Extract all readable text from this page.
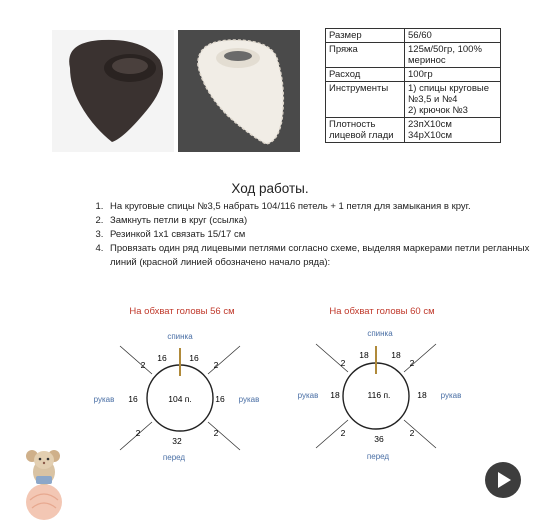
Размер	56/60
Пряжа	125м/50гр, 100% меринос
Расход	100гр
Инструменты	1) спицы круговые №3,5 и №4
2) крючок №3
Плотность лицевой глади	23пХ10см
34рХ10см
Ход работы.
1. На круговые спицы №3,5 набрать 104/116 петель + 1 петля для замыкания в круг.
2. Замкнуть петли в круг (ссылка)
3. Резинкой 1х1 связать 15/17 см
4. Провязать один ряд лицевыми петлями согласно схеме, выделяя маркерами петли регланных линий (красной линией обозначено начало ряда):
На обхват головы 56 см
спинка
16	16
2	2
рукав 16	104 п.	16 рукав
2	2
32
перед
На обхват головы 60 см
спинка
18	18
2	2
рукав 18	116 п.	18 рукав
2	2
36
перед
